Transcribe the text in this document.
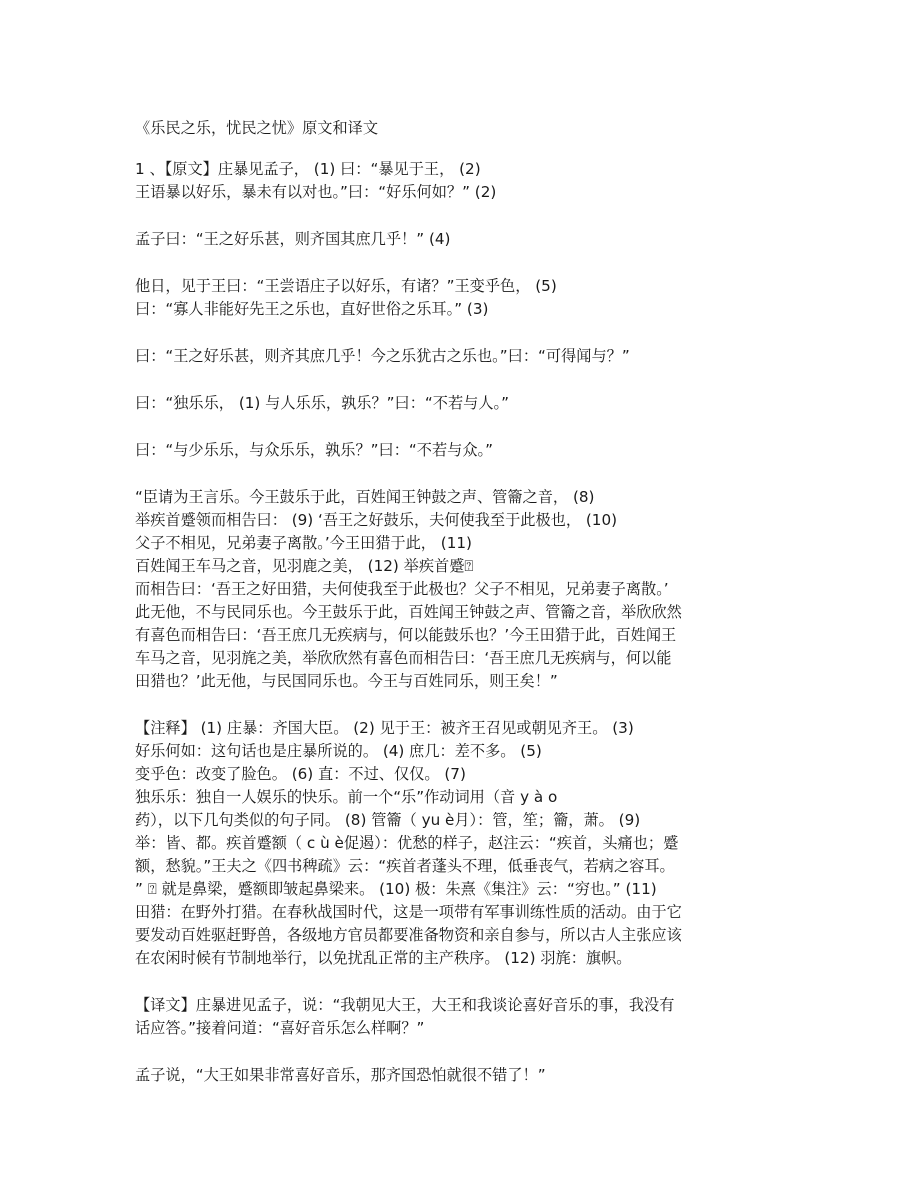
《乐民之乐，忧民之忧》原文和译文
1 、【原文】庄暴见孟子， (1) 曰：“暴见于王， (2)
王语暴以好乐，暴未有以对也。”曰：“好乐何如？” (2)
孟子曰：“王之好乐甚，则齐国其庶几乎！” (4)
他日，见于王曰：“王尝语庄子以好乐，有诸？”王变乎色， (5)
曰：“寡人非能好先王之乐也，直好世俗之乐耳。” (3)
曰：“王之好乐甚，则齐其庶几乎！今之乐犹古之乐也。”曰：“可得闻与？”
曰：“独乐乐， (1) 与人乐乐，孰乐？”曰：“不若与人。”
曰：“与少乐乐，与众乐乐，孰乐？”曰：“不若与众。”
“臣请为王言乐。今王鼓乐于此，百姓闻王钟鼓之声、管籥之音， (8)
举疾首蹙领而相告曰： (9) ‘吾王之好鼓乐，夫何使我至于此极也， (10)
父子不相见，兄弟妻子离散。’今王田猎于此， (11)
百姓闻王车马之音，见羽鹿之美， (12) 举疾首蹙⍰
而相告曰：‘吾王之好田猎，夫何使我至于此极也？父子不相见，兄弟妻子离散。’
此无他，不与民同乐也。今王鼓乐于此，百姓闻王钟鼓之声、管籥之音，举欣欣然
有喜色而相告曰：‘吾王庶几无疾病与，何以能鼓乐也？’今王田猎于此，百姓闻王
车马之音，见羽旄之美，举欣欣然有喜色而相告曰：‘吾王庶几无疾病与，何以能
田猎也？’此无他，与民国同乐也。今王与百姓同乐，则王矣！”
【注释】 (1) 庄暴：齐国大臣。 (2) 见于王：被齐王召见或朝见齐王。 (3)
好乐何如：这句话也是庄暴所说的。 (4) 庶几：差不多。 (5)
变乎色：改变了脸色。 (6) 直：不过、仅仅。 (7)
独乐乐：独自一人娱乐的快乐。前一个“乐”作动词用（音 y à o
药），以下几句类似的句子同。 (8) 管籥（ yu è月）：管，笙；籥，萧。 (9)
举：皆、都。疾首蹙额（ c ù è促遏）：优愁的样子，赵注云：“疾首，头痛也；蹙
额，愁貌。”王夫之《四书稗疏》云：“疾首者蓬头不理，低垂丧气，若病之容耳。
” ⍰ 就是鼻梁，蹙额即皱起鼻梁来。 (10) 极：朱熹《集注》云：“穷也。” (11)
田猎：在野外打猎。在春秋战国时代，这是一项带有军事训练性质的活动。由于它
要发动百姓驱赶野兽，各级地方官员都要准备物资和亲自参与，所以古人主张应该
在农闲时候有节制地举行，以免扰乱正常的主产秩序。 (12) 羽旄：旗帜。
【译文】庄暴进见孟子，说：“我朝见大王，大王和我谈论喜好音乐的事，我没有
话应答。”接着问道：“喜好音乐怎么样啊？”
孟子说，“大王如果非常喜好音乐，那齐国恐怕就很不错了！”
